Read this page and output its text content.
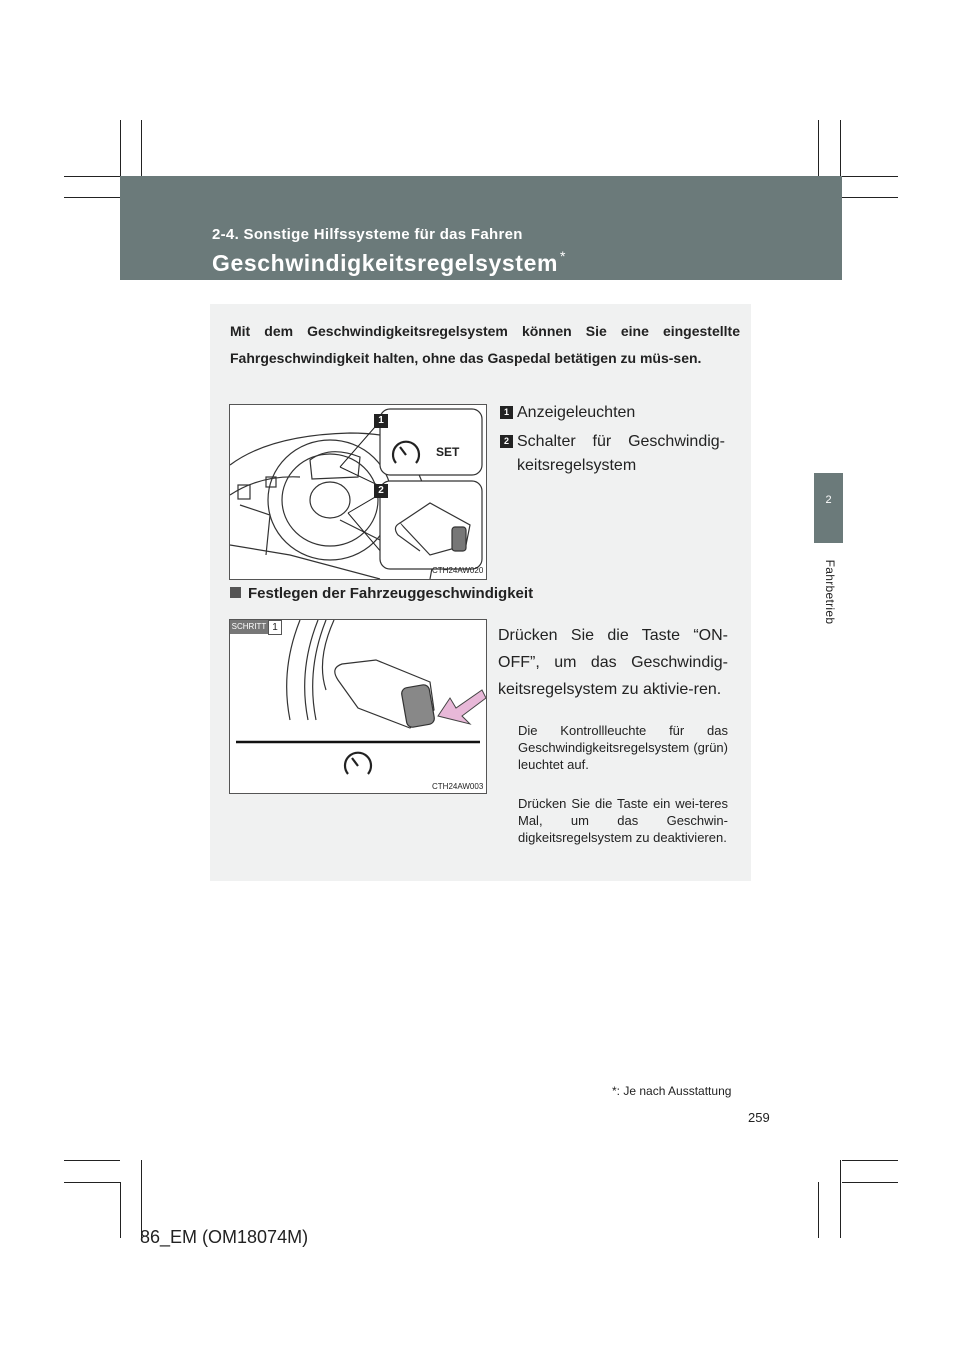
2-4. Sonstige Hilfssysteme für das Fahren
Geschwindigkeitsregelsystem *
2
Fahrbetrieb
Mit dem Geschwindigkeitsregelsystem können Sie eine eingestellte Fahrgeschwindigkeit halten, ohne das Gaspedal betätigen zu müs-sen.
SET
1
2
CTH24AW020
1 Anzeigeleuchten
2 Schalter für Geschwindig-keitsregelsystem
Festlegen der Fahrzeuggeschwindigkeit
SCHRITT 1
CTH24AW003
Drücken Sie die Taste “ON-OFF”, um das Geschwindig-keitsregelsystem zu aktivie-ren.
Die Kontrollleuchte für das Geschwindigkeitsregelsystem (grün) leuchtet auf.
Drücken Sie die Taste ein wei-teres Mal, um das Geschwin-digkeitsregelsystem zu deaktivieren.
*: Je nach Ausstattung
259
86_EM (OM18074M)
